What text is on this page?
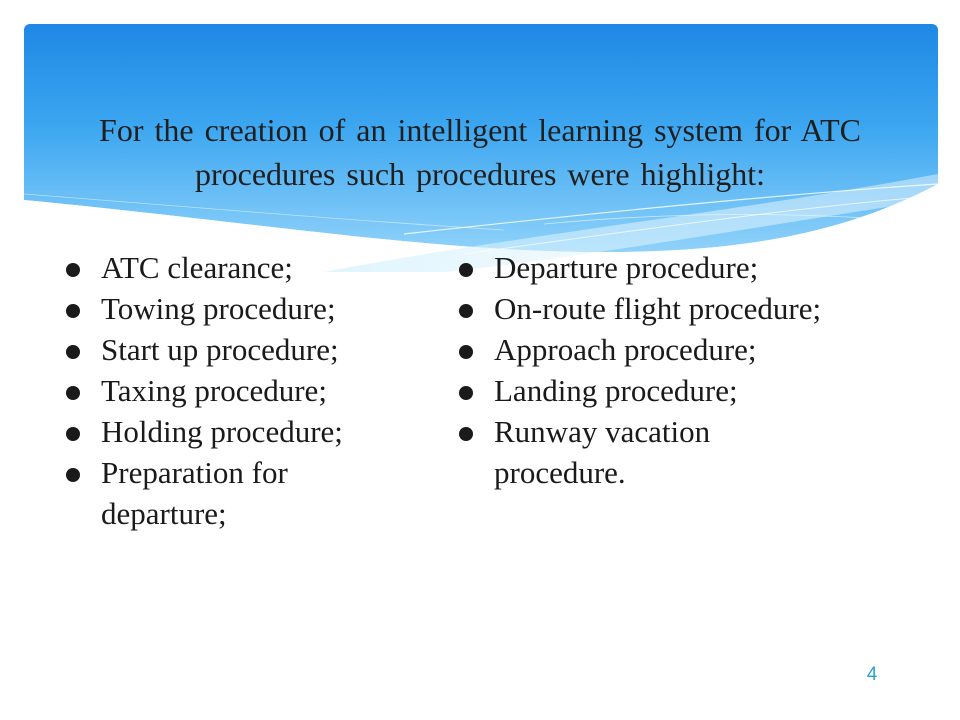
For the creation of an intelligent learning system for ATC procedures such procedures were highlight:
ATC clearance;
Towing procedure;
Start up procedure;
Taxing procedure;
Holding procedure;
Preparation for departure;
Departure procedure;
On-route flight procedure;
Approach procedure;
Landing procedure;
Runway vacation procedure.
4
